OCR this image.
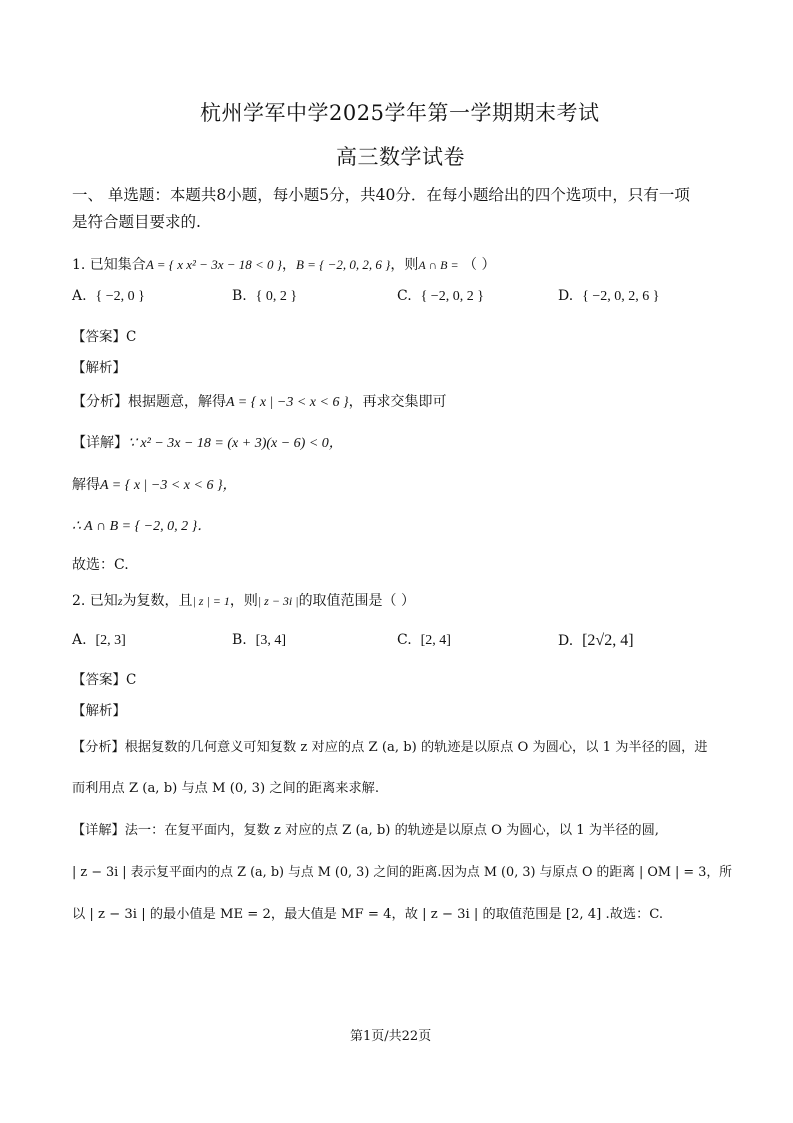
杭州学军中学2025学年第一学期期末考试
高三数学试卷
一、 单选题：本题共8小题，每小题5分，共40分．在每小题给出的四个选项中，只有一项
是符合题目要求的.
1. 已知集合A = { x x² − 3x − 18 < 0 }，B = { −2, 0, 2, 6 }，则A ∩ B = （ ）
A. { −2, 0 }	B. { 0, 2 }	C. { −2, 0, 2 }	D. { −2, 0, 2, 6 }
【答案】C
【解析】
【分析】根据题意，解得A = { x | −3 < x < 6 }，再求交集即可
【详解】∵ x² − 3x − 18 = (x + 3)(x − 6) < 0，
解得A = { x | −3 < x < 6 }，
∴ A ∩ B = { −2, 0, 2 }．
故选：C.
2. 已知z为复数，且| z | = 1，则| z − 3i |的取值范围是（ ）
A. [2, 3]	B. [3, 4]	C. [2, 4]	D. [2√2, 4]
【答案】C
【解析】
【分析】根据复数的几何意义可知复数 z 对应的点 Z (a, b) 的轨迹是以原点 O 为圆心，以 1 为半径的圆，进
而利用点 Z (a, b) 与点 M (0, 3) 之间的距离来求解.
【详解】法一：在复平面内，复数 z 对应的点 Z (a, b) 的轨迹是以原点 O 为圆心，以 1 为半径的圆,
| z − 3i | 表示复平面内的点 Z (a, b) 与点 M (0, 3) 之间的距离.因为点 M (0, 3) 与原点 O 的距离 | OM | = 3，所
以 | z − 3i | 的最小值是 ME = 2，最大值是 MF = 4，故 | z − 3i | 的取值范围是 [2, 4] .故选：C.
第1页/共22页
